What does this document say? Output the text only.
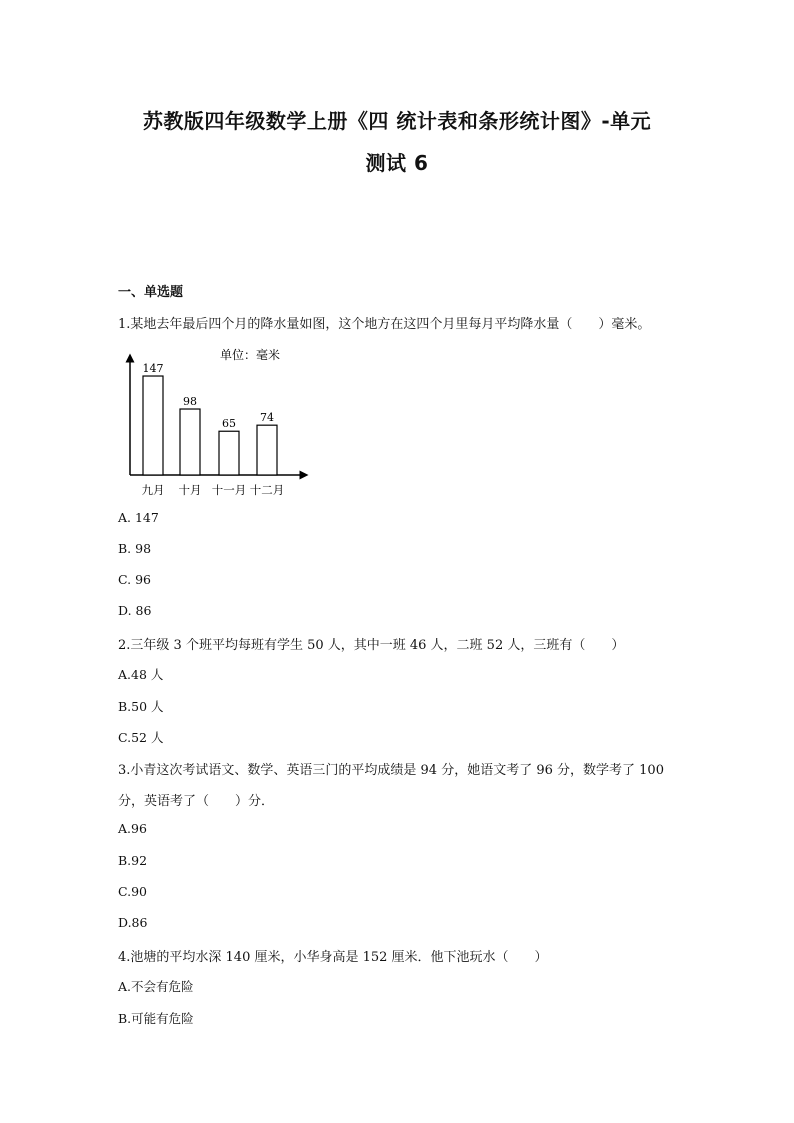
苏教版四年级数学上册《四 统计表和条形统计图》-单元
测试 6
一、单选题
1.某地去年最后四个月的降水量如图，这个地方在这四个月里每月平均降水量（　　）毫米。
单位：毫米
147
九月
98
十月
65
十一月
74
十二月
A. 147
B. 98
C. 96
D. 86
2.三年级 3 个班平均每班有学生 50 人，其中一班 46 人，二班 52 人，三班有（　　）
A.48 人
B.50 人
C.52 人
3.小青这次考试语文、数学、英语三门的平均成绩是 94 分，她语文考了 96 分，数学考了 100
分，英语考了（　　）分．
A.96
B.92
C.90
D.86
4.池塘的平均水深 140 厘米，小华身高是 152 厘米．他下池玩水（　　）
A.不会有危险
B.可能有危险
